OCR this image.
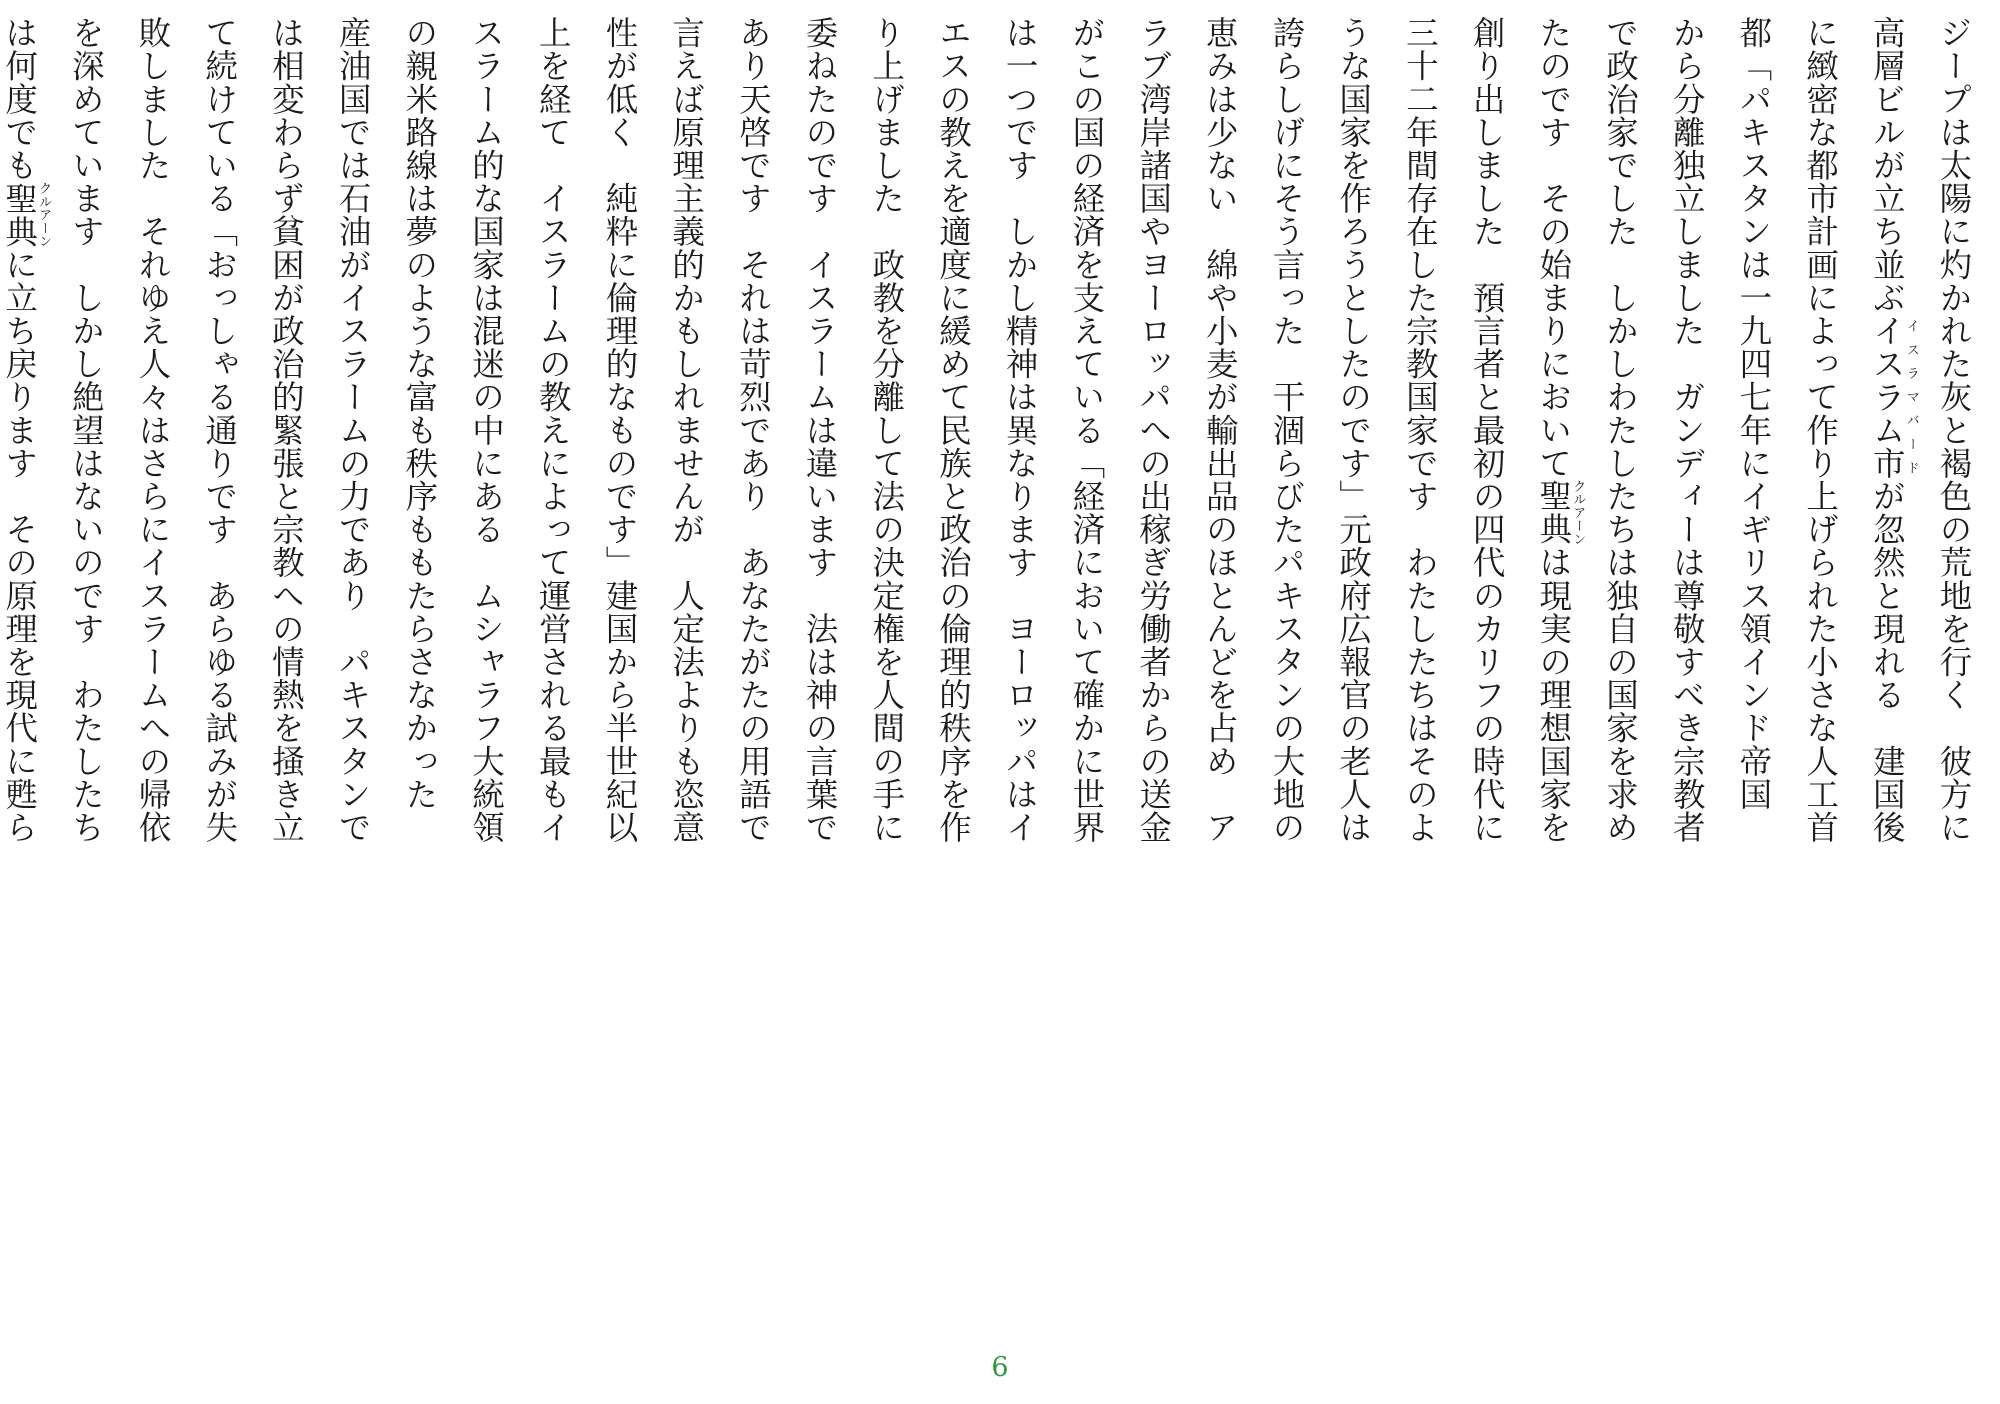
ジープは太陽に灼かれた灰と褐色の荒地を行く　彼方に
高層ビルが立ち並ぶイスラム市イスラマバードが忽然と現れる　建国後
に緻密な都市計画によって作り上げられた小さな人工首
都「パキスタンは一九四七年にイギリス領インド帝国
から分離独立しました　ガンディーは尊敬すべき宗教者
で政治家でした　しかしわたしたちは独自の国家を求め
たのです　その始まりにおいて聖典クルアーンは現実の理想国家を
創り出しました　預言者と最初の四代のカリフの時代に
三十二年間存在した宗教国家です　わたしたちはそのよ
うな国家を作ろうとしたのです」元政府広報官の老人は
誇らしげにそう言った　干涸らびたパキスタンの大地の
恵みは少ない　綿や小麦が輸出品のほとんどを占め　ア
ラブ湾岸諸国やヨーロッパへの出稼ぎ労働者からの送金
がこの国の経済を支えている「経済において確かに世界
は一つです　しかし精神は異なります　ヨーロッパはイ
エスの教えを適度に緩めて民族と政治の倫理的秩序を作
り上げました　政教を分離して法の決定権を人間の手に
委ねたのです　イスラームは違います　法は神の言葉で
あり天啓です　それは苛烈であり　あなたがたの用語で
言えば原理主義的かもしれませんが　人定法よりも恣意
性が低く　純粋に倫理的なものです」建国から半世紀以
上を経て　イスラームの教えによって運営される最もイ
スラーム的な国家は混迷の中にある　ムシャラフ大統領
の親米路線は夢のような富も秩序ももたらさなかった
産油国では石油がイスラームの力であり　パキスタンで
は相変わらず貧困が政治的緊張と宗教への情熱を掻き立
て続けている「おっしゃる通りです　あらゆる試みが失
敗しました　それゆえ人々はさらにイスラームへの帰依
を深めています　しかし絶望はないのです　わたしたち
は何度でも聖典クルアーンに立ち戻ります　その原理を現代に甦ら
6
